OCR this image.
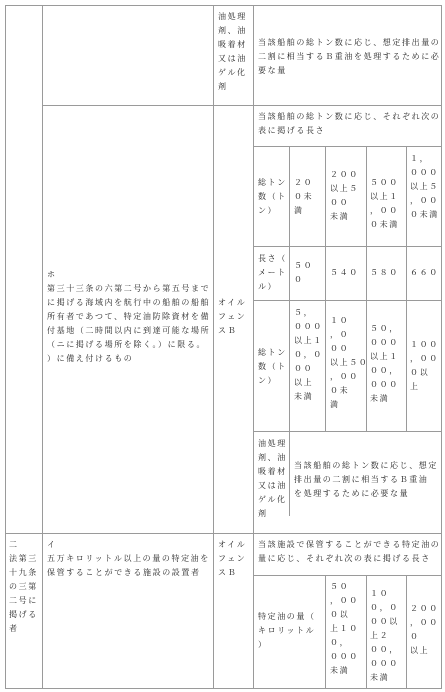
油処理
剤、油
吸着材
又は油
ゲル化
剤
当該船舶の総トン数に応じ、想定排出量の
二割に相当するＢ重油を処理するために必
要な量
ホ
第三十三条の六第二号から第五号まで
に掲げる海域内を航行中の船舶の船舶
所有者であつて、特定油防除資材を備
付基地（二時間以内に到達可能な場所
（ニに掲げる場所を除く。）に限る。
）に備え付けるもの
オイル
フェン
スＢ
当該船舶の総トン数に応じ、それぞれ次の
表に掲げる長さ
総トン
数（ト
ン）
２０
０未
満
２００
以上５
００
未満
５００
以上１
，００
０未満
１，
０００
以上５
，００
０未満
長さ（
メート
ル）
５０
０
５４０ ５８０ ６６０
総トン
数（ト
ン）
５，
０００
以上１
０，０
００
以上
未満
１０
，０
００
以上５０
，００
０未
満
５０，
０００
以上１
００，
０００
未満
１００
，００
０以
上
油処理
剤、油
吸着材
又は油
ゲル化
剤
当該船舶の総トン数に応じ、想定
排出量の二割に相当するＢ重油
を処理するために必要な量
二
法第三
十九条
の三第
二号に
掲げる
者
イ
五万キロリットル以上の量の特定油を
保管することができる施設の設置者
オイル
フェン
スＢ
当該施設で保管することができる特定油の
量に応じ、それぞれ次の表に掲げる長さ
特定油の量（
キロリットル
）
５０
，００
０以
上１０
０，
０００
未満
１０
０，０
００以
上２
００，
０００
未満
２００
，０００
以上
